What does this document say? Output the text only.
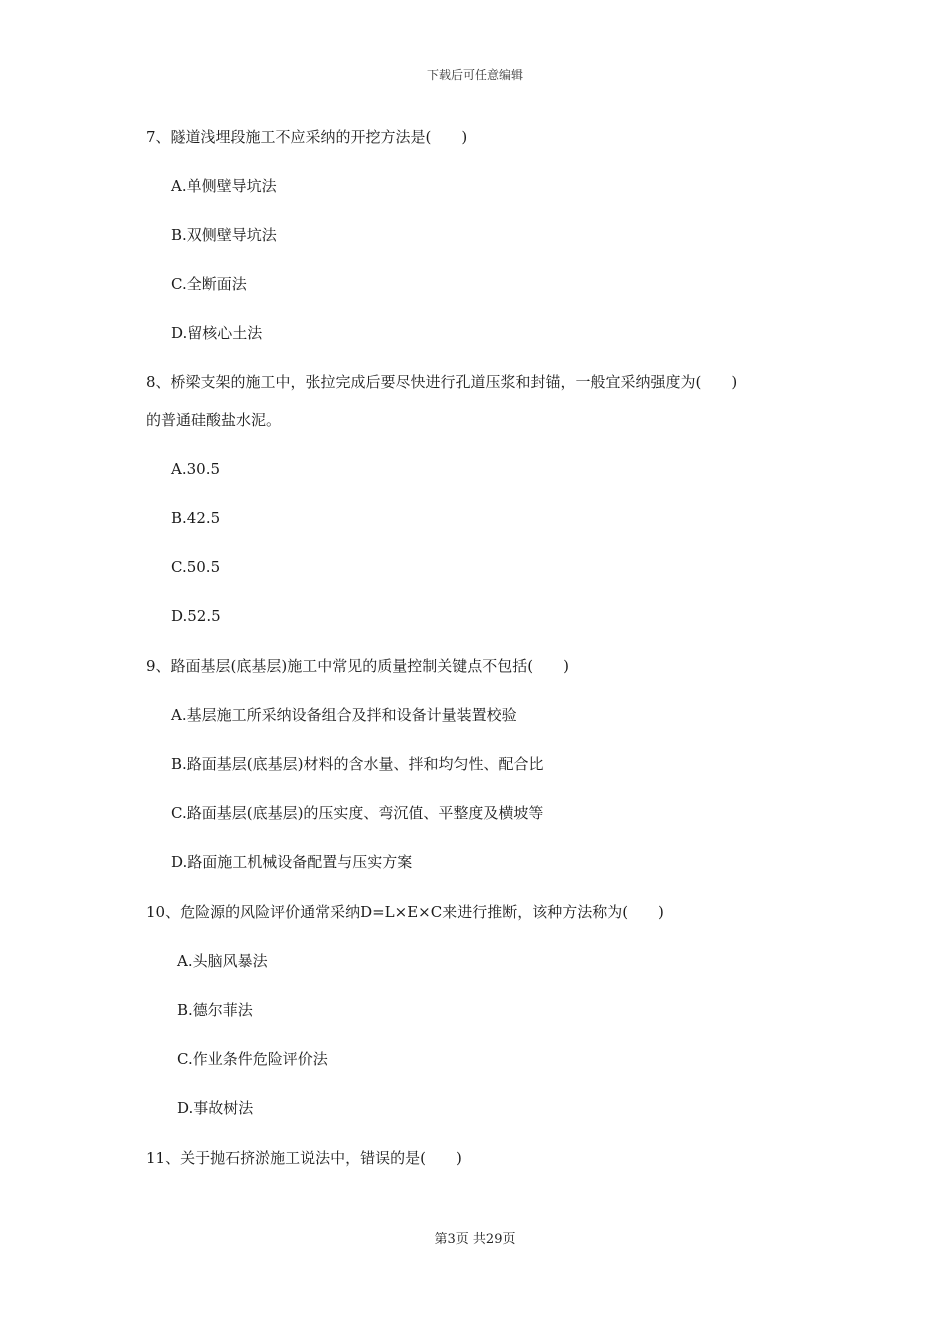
下载后可任意编辑
7、隧道浅埋段施工不应采纳的开挖方法是(　　)
A.单侧壁导坑法
B.双侧壁导坑法
C.全断面法
D.留核心土法
8、桥梁支架的施工中，张拉完成后要尽快进行孔道压浆和封锚，一般宜采纳强度为(　　)
的普通硅酸盐水泥。
A.30.5
B.42.5
C.50.5
D.52.5
9、路面基层(底基层)施工中常见的质量控制关键点不包括(　　)
A.基层施工所采纳设备组合及拌和设备计量装置校验
B.路面基层(底基层)材料的含水量、拌和均匀性、配合比
C.路面基层(底基层)的压实度、弯沉值、平整度及横坡等
D.路面施工机械设备配置与压实方案
10、危险源的风险评价通常采纳D=L×E×C来进行推断，该种方法称为(　　)
A.头脑风暴法
B.德尔菲法
C.作业条件危险评价法
D.事故树法
11、关于抛石挤淤施工说法中，错误的是(　　)
第3页 共29页
